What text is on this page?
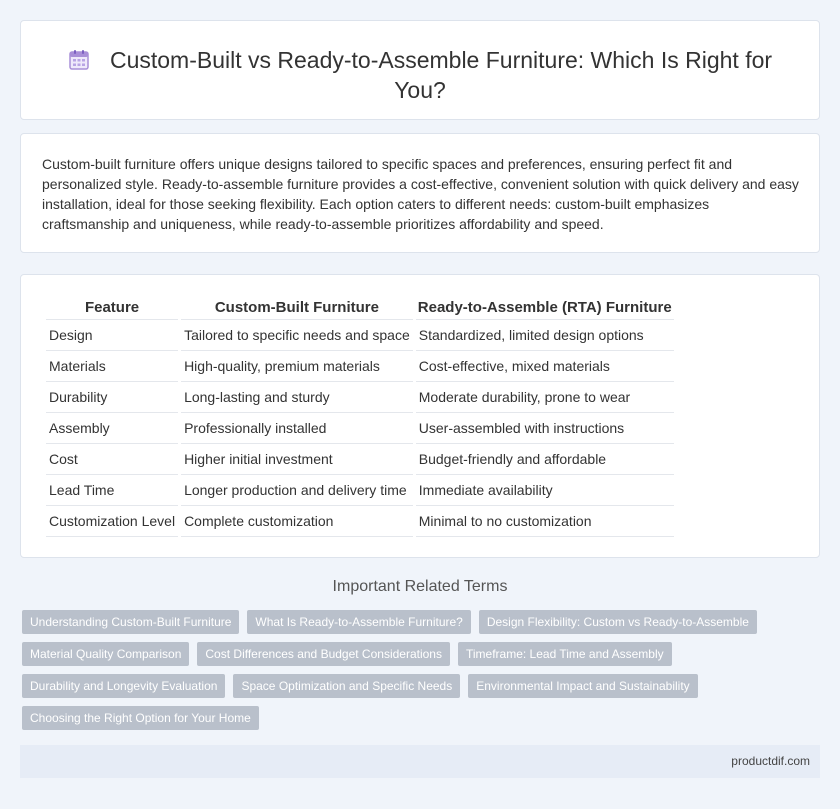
Custom-Built vs Ready-to-Assemble Furniture: Which Is Right for You?

Custom-built furniture offers unique designs tailored to specific spaces and preferences, ensuring perfect fit and personalized style. Ready-to-assemble furniture provides a cost-effective, convenient solution with quick delivery and easy installation, ideal for those seeking flexibility. Each option caters to different needs: custom-built emphasizes craftsmanship and uniqueness, while ready-to-assemble prioritizes affordability and speed.

Feature	Custom-Built Furniture	Ready-to-Assemble (RTA) Furniture
Design	Tailored to specific needs and space	Standardized, limited design options
Materials	High-quality, premium materials	Cost-effective, mixed materials
Durability	Long-lasting and sturdy	Moderate durability, prone to wear
Assembly	Professionally installed	User-assembled with instructions
Cost	Higher initial investment	Budget-friendly and affordable
Lead Time	Longer production and delivery time	Immediate availability
Customization Level	Complete customization	Minimal to no customization
Important Related Terms
Understanding Custom-Built Furniture	What Is Ready-to-Assemble Furniture?	Design Flexibility: Custom vs Ready-to-Assemble
Material Quality Comparison	Cost Differences and Budget Considerations	Timeframe: Lead Time and Assembly
Durability and Longevity Evaluation	Space Optimization and Specific Needs	Environmental Impact and Sustainability
Choosing the Right Option for Your Home
productdif.com
